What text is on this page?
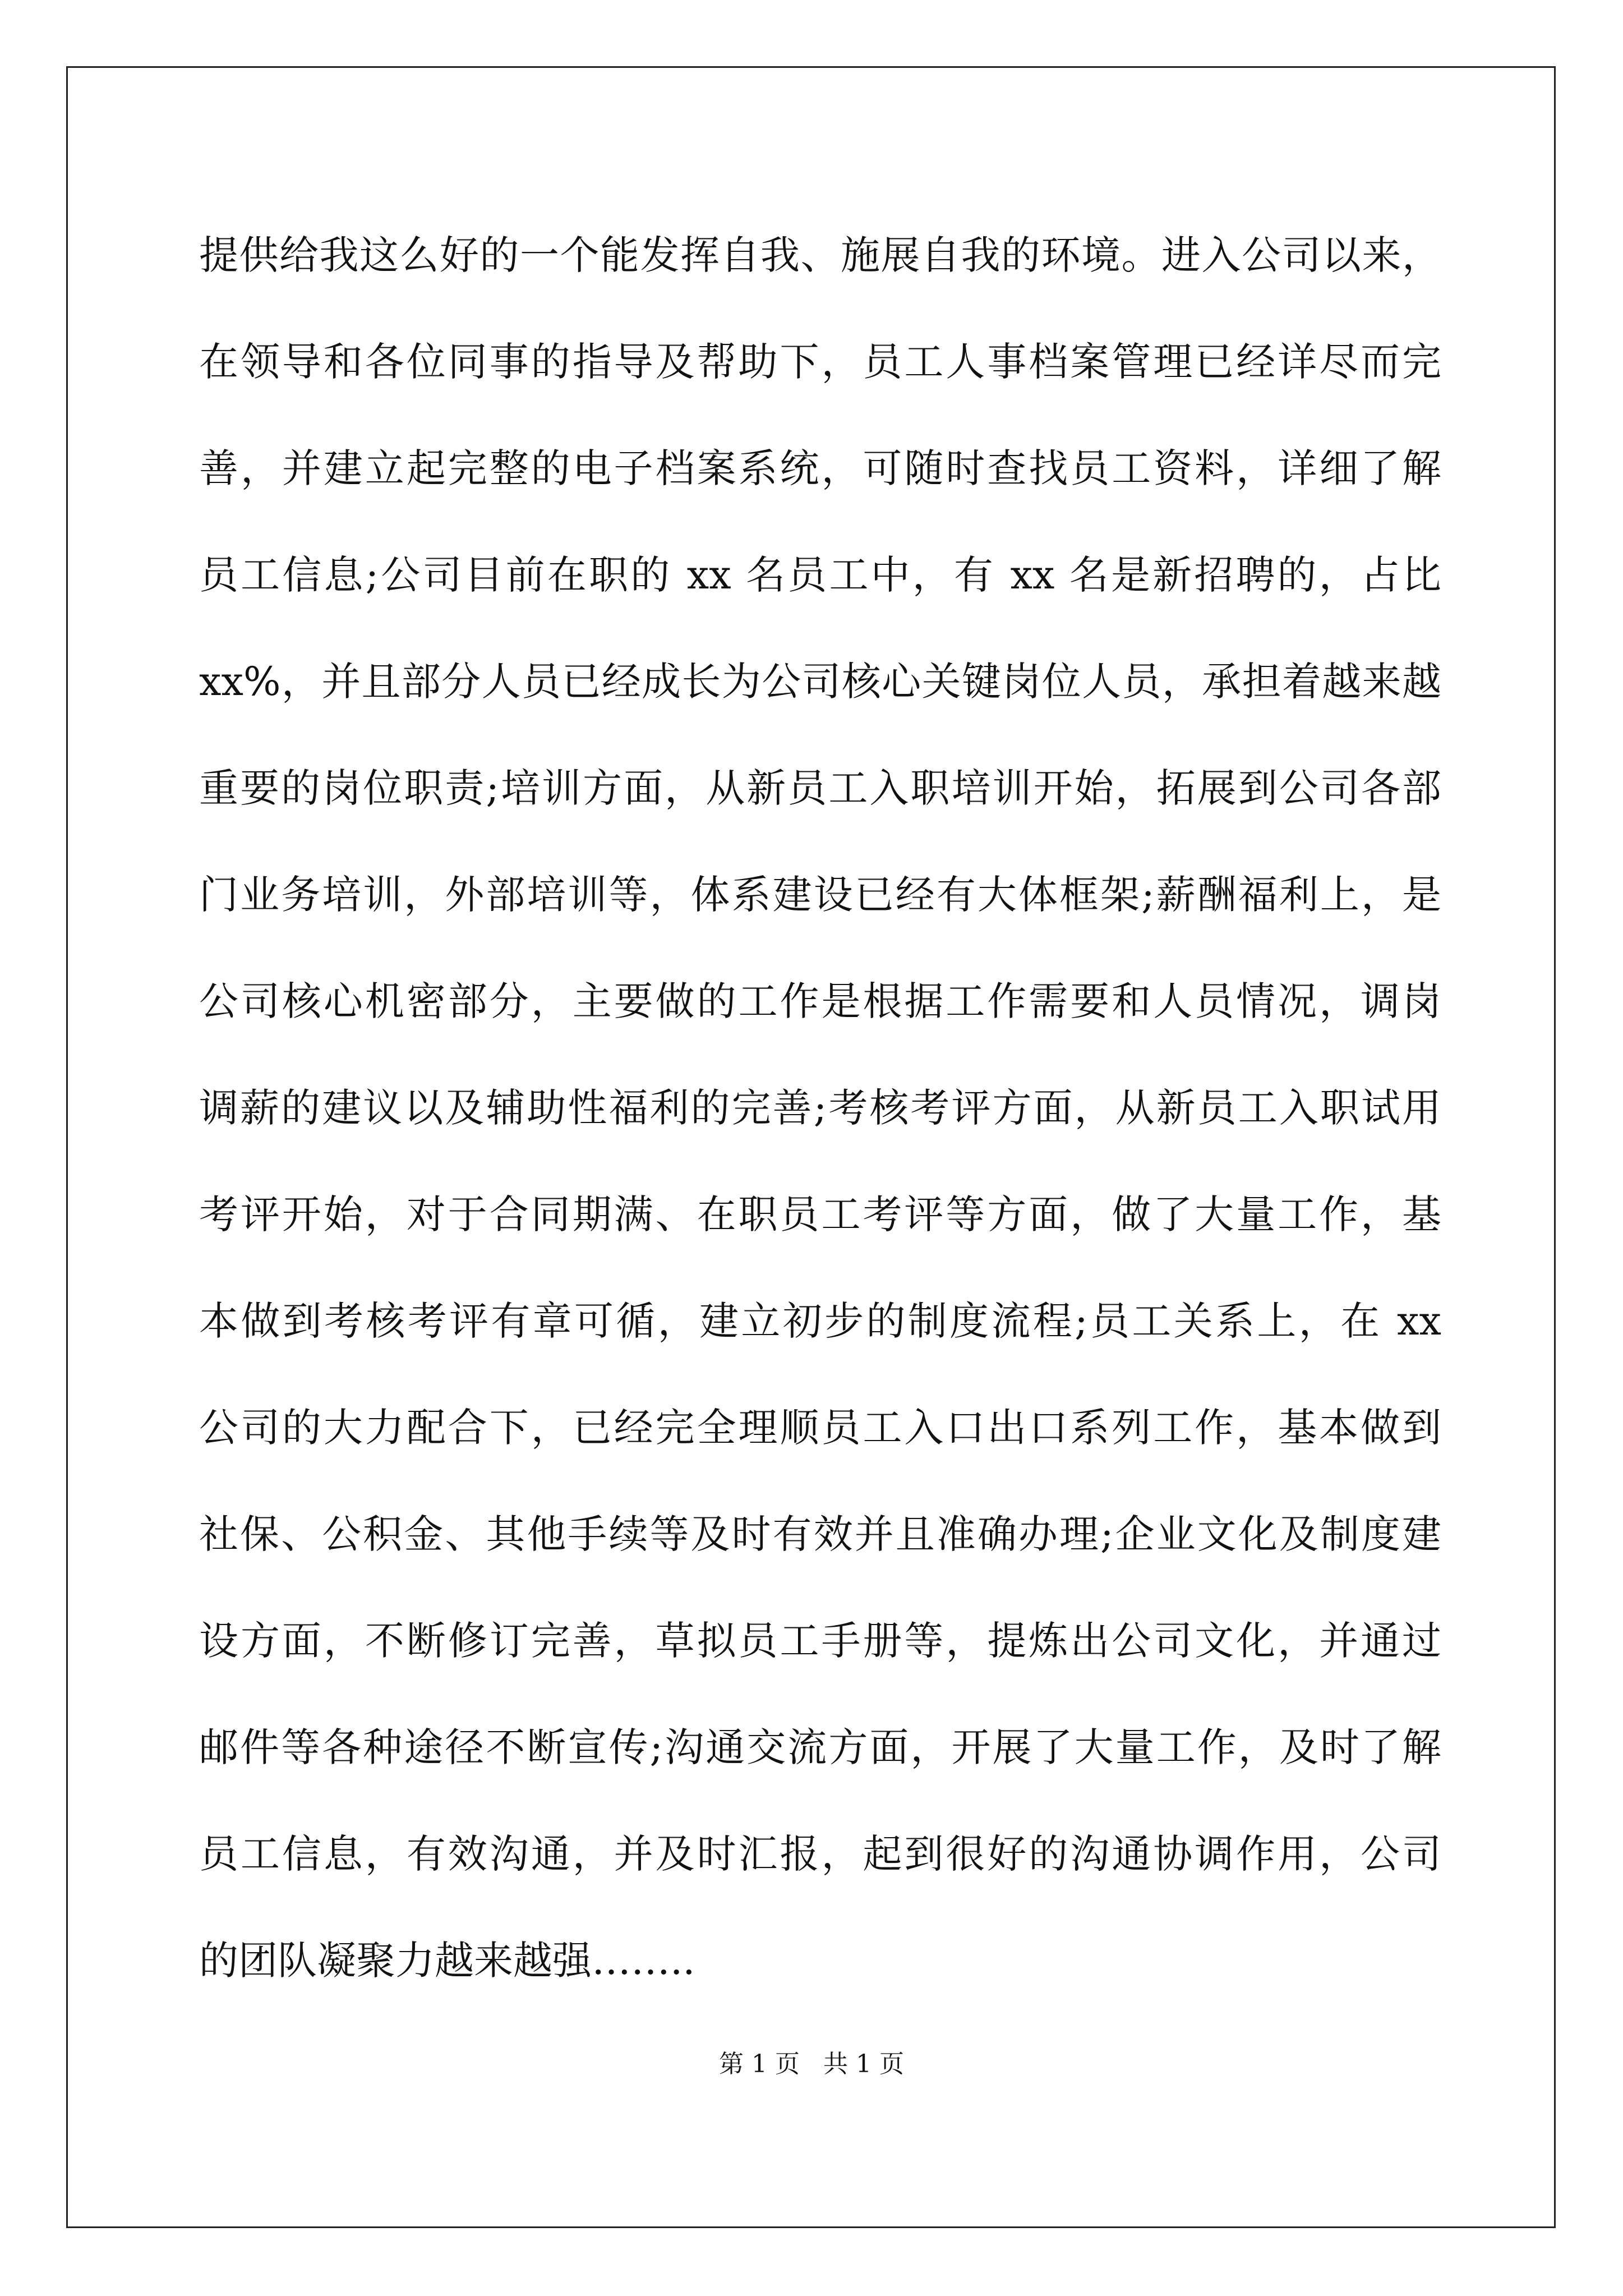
提供给我这么好的一个能发挥自我、施展自我的环境。进入公司以来，
在领导和各位同事的指导及帮助下，员工人事档案管理已经详尽而完
善，并建立起完整的电子档案系统，可随时查找员工资料，详细了解
员工信息;公司目前在职的 xx 名员工中，有 xx 名是新招聘的，占比
xx%，并且部分人员已经成长为公司核心关键岗位人员，承担着越来越
重要的岗位职责;培训方面，从新员工入职培训开始，拓展到公司各部
门业务培训，外部培训等，体系建设已经有大体框架;薪酬福利上，是
公司核心机密部分，主要做的工作是根据工作需要和人员情况，调岗
调薪的建议以及辅助性福利的完善;考核考评方面，从新员工入职试用
考评开始，对于合同期满、在职员工考评等方面，做了大量工作，基
本做到考核考评有章可循，建立初步的制度流程;员工关系上，在 xx
公司的大力配合下，已经完全理顺员工入口出口系列工作，基本做到
社保、公积金、其他手续等及时有效并且准确办理;企业文化及制度建
设方面，不断修订完善，草拟员工手册等，提炼出公司文化，并通过
邮件等各种途径不断宣传;沟通交流方面，开展了大量工作，及时了解
员工信息，有效沟通，并及时汇报，起到很好的沟通协调作用，公司
的团队凝聚力越来越强……..
第 1 页 共 1 页
